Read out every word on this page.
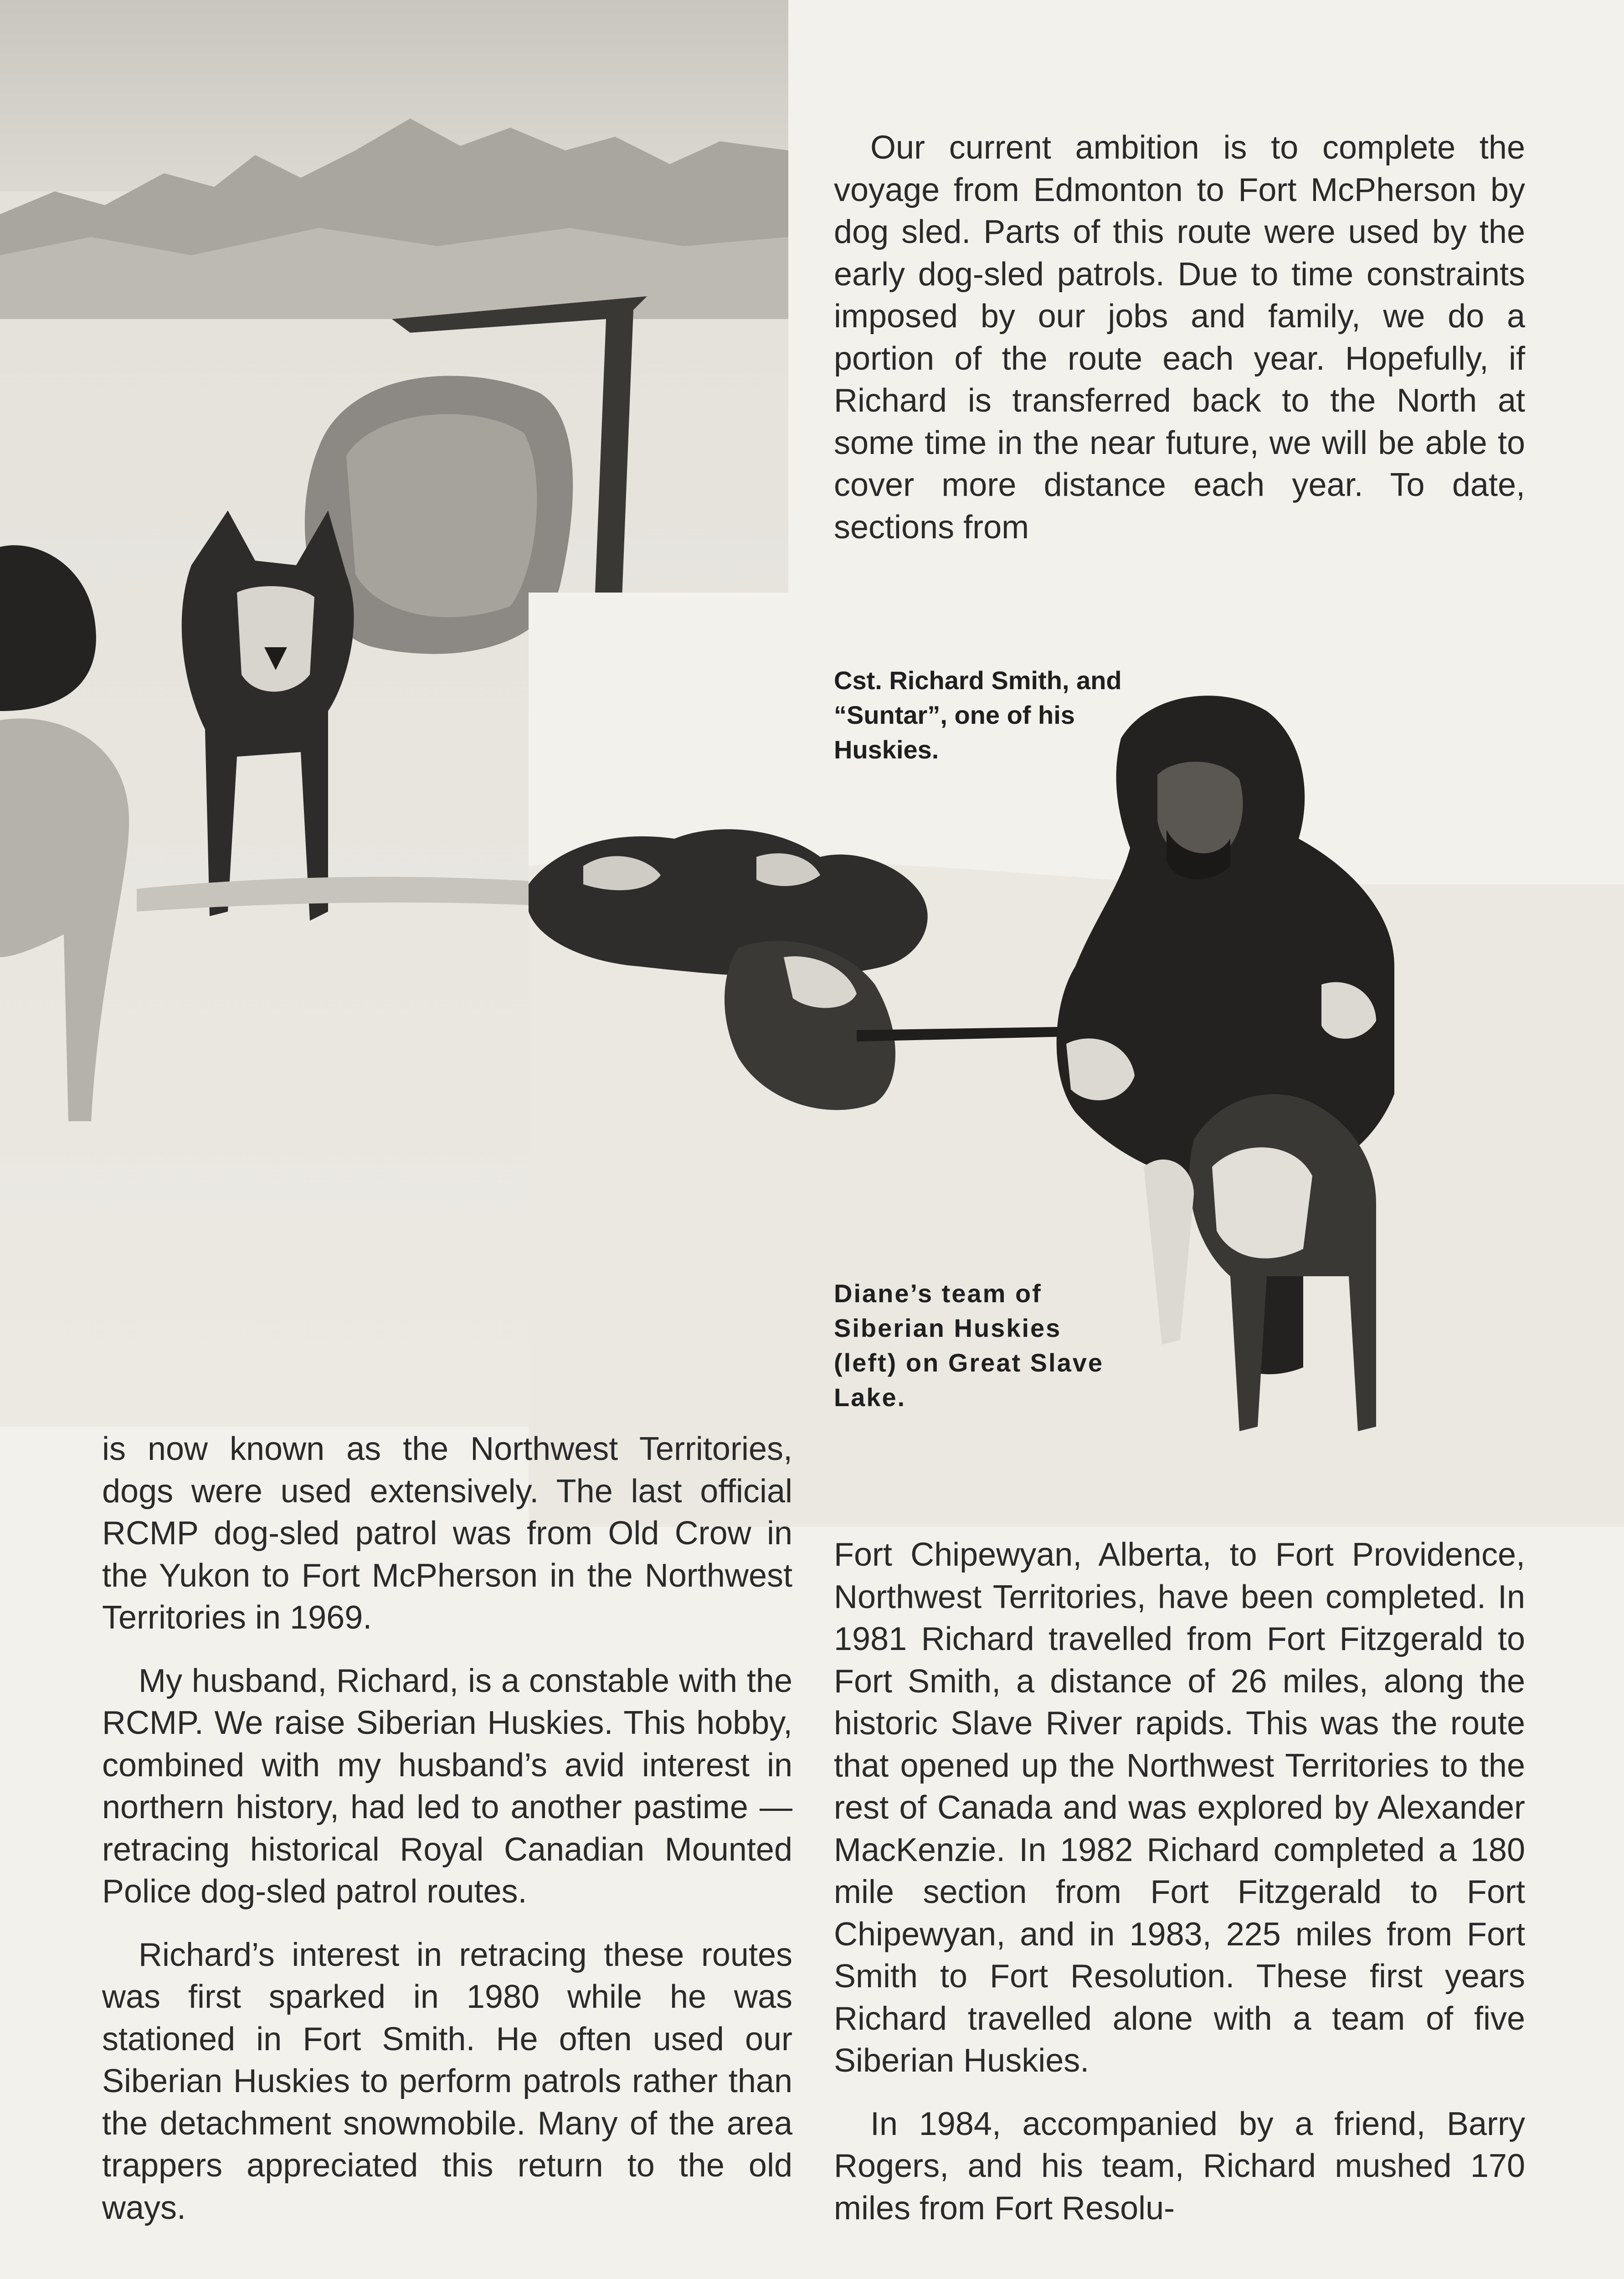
Our current ambition is to complete the voyage from Edmonton to Fort McPherson by dog sled. Parts of this route were used by the early dog-sled patrols. Due to time constraints imposed by our jobs and family, we do a portion of the route each year. Hopefully, if Richard is transferred back to the North at some time in the near future, we will be able to cover more distance each year. To date, sections from

Cst. Richard Smith, and “Suntar”, one of his Huskies.

Diane’s team of Siberian Huskies (left) on Great Slave Lake.

is now known as the Northwest Territories, dogs were used extensively. The last official RCMP dog-sled patrol was from Old Crow in the Yukon to Fort McPherson in the Northwest Territories in 1969.

My husband, Richard, is a constable with the RCMP. We raise Siberian Huskies. This hobby, combined with my husband’s avid interest in northern history, had led to another pastime — retracing historical Royal Canadian Mounted Police dog-sled patrol routes.

Richard’s interest in retracing these routes was first sparked in 1980 while he was stationed in Fort Smith. He often used our Siberian Huskies to perform patrols rather than the detachment snowmobile. Many of the area trappers appreciated this return to the old ways.

Fort Chipewyan, Alberta, to Fort Providence, Northwest Territories, have been completed. In 1981 Richard travelled from Fort Fitzgerald to Fort Smith, a distance of 26 miles, along the historic Slave River rapids. This was the route that opened up the Northwest Territories to the rest of Canada and was explored by Alexander MacKenzie. In 1982 Richard completed a 180 mile section from Fort Fitzgerald to Fort Chipewyan, and in 1983, 225 miles from Fort Smith to Fort Resolution. These first years Richard travelled alone with a team of five Siberian Huskies.

In 1984, accompanied by a friend, Barry Rogers, and his team, Richard mushed 170 miles from Fort Resolu-
